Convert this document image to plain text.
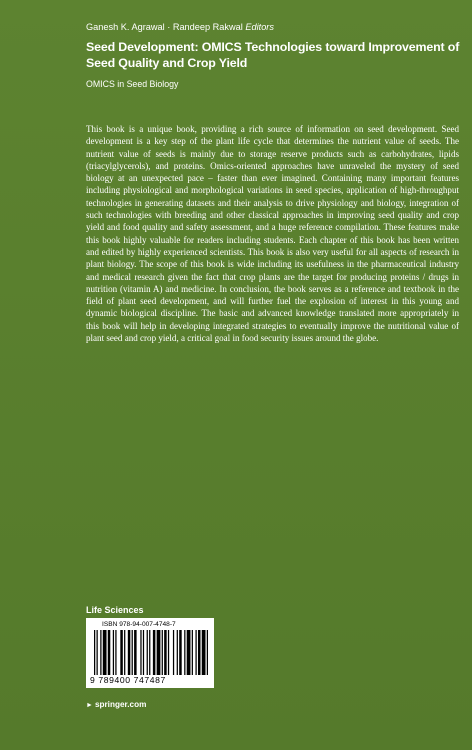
Ganesh K. Agrawal · Randeep Rakwal Editors
Seed Development: OMICS Technologies toward Improvement of Seed Quality and Crop Yield
OMICS in Seed Biology

This book is a unique book, providing a rich source of information on seed development. Seed development is a key step of the plant life cycle that determines the nutrient value of seeds. The nutrient value of seeds is mainly due to storage reserve products such as carbohydrates, lipids (triacylglycerols), and proteins. Omics-oriented approaches have unraveled the mystery of seed biology at an unexpected pace – faster than ever imagined. Containing many important features including physiological and morphological variations in seed species, application of high-throughput technologies in generating datasets and their analysis to drive physiology and biology, integration of such technologies with breeding and other classical approaches in improving seed quality and crop yield and food quality and safety assessment, and a huge reference compilation. These features make this book highly valuable for readers including students. Each chapter of this book has been written and edited by highly experienced scientists. This book is also very useful for all aspects of research in plant biology. The scope of this book is wide including its usefulness in the pharmaceutical industry and medical research given the fact that crop plants are the target for producing proteins / drugs in nutrition (vitamin A) and medicine. In conclusion, the book serves as a reference and textbook in the field of plant seed development, and will further fuel the explosion of interest in this young and dynamic biological discipline. The basic and advanced knowledge translated more appropriately in this book will help in developing integrated strategies to eventually improve the nutritional value of plant seed and crop yield, a critical goal in food security issues around the globe.

Life Sciences
ISBN 978-94-007-4748-7
9 789400 747487
► springer.com
